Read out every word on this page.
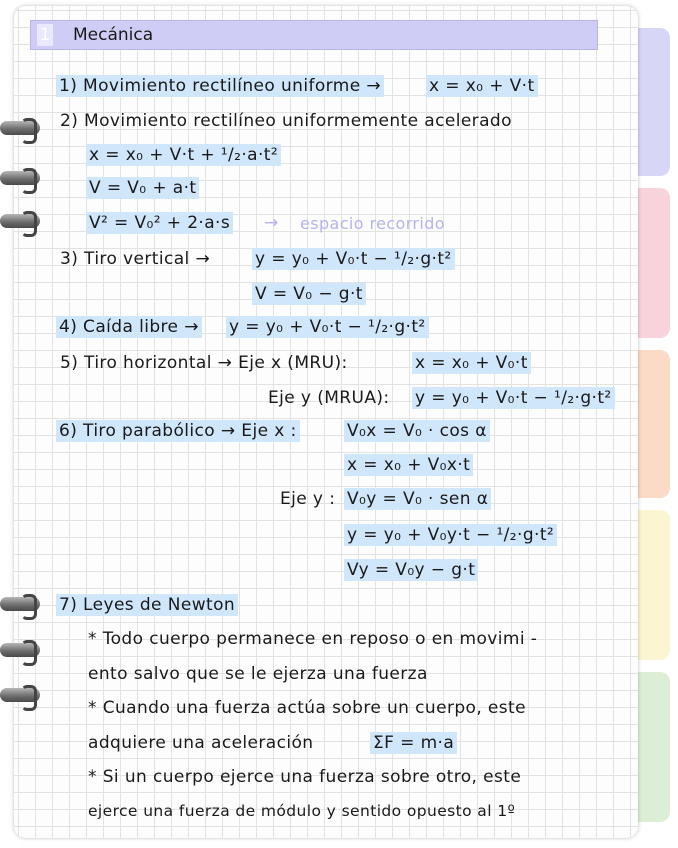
1 Mecánica
1) Movimiento rectilíneo uniforme →	x = x₀ + V·t
2) Movimiento rectilíneo uniformemente acelerado
x = x₀ + V·t + ¹/₂·a·t²
V = V₀ + a·t
V² = V₀² + 2·a·s → espacio recorrido
3) Tiro vertical →	y = y₀ + V₀·t − ¹/₂·g·t²
V = V₀ − g·t
4) Caída libre → y = y₀ + V₀·t − ¹/₂·g·t²
5) Tiro horizontal → Eje x (MRU):	x = x₀ + V₀·t
Eje y (MRUA): y = y₀ + V₀·t − ¹/₂·g·t²
6) Tiro parabólico → Eje x :	V₀x = V₀ · cos α
x = x₀ + V₀x·t
Eje y : V₀y = V₀ · sen α
y = y₀ + V₀y·t − ¹/₂·g·t²
Vy = V₀y − g·t
7) Leyes de Newton
* Todo cuerpo permanece en reposo o en movimi -
ento salvo que se le ejerza una fuerza
* Cuando una fuerza actúa sobre un cuerpo, este
adquiere una aceleración	ΣF = m·a
* Si un cuerpo ejerce una fuerza sobre otro, este
ejerce una fuerza de módulo y sentido opuesto al 1º
